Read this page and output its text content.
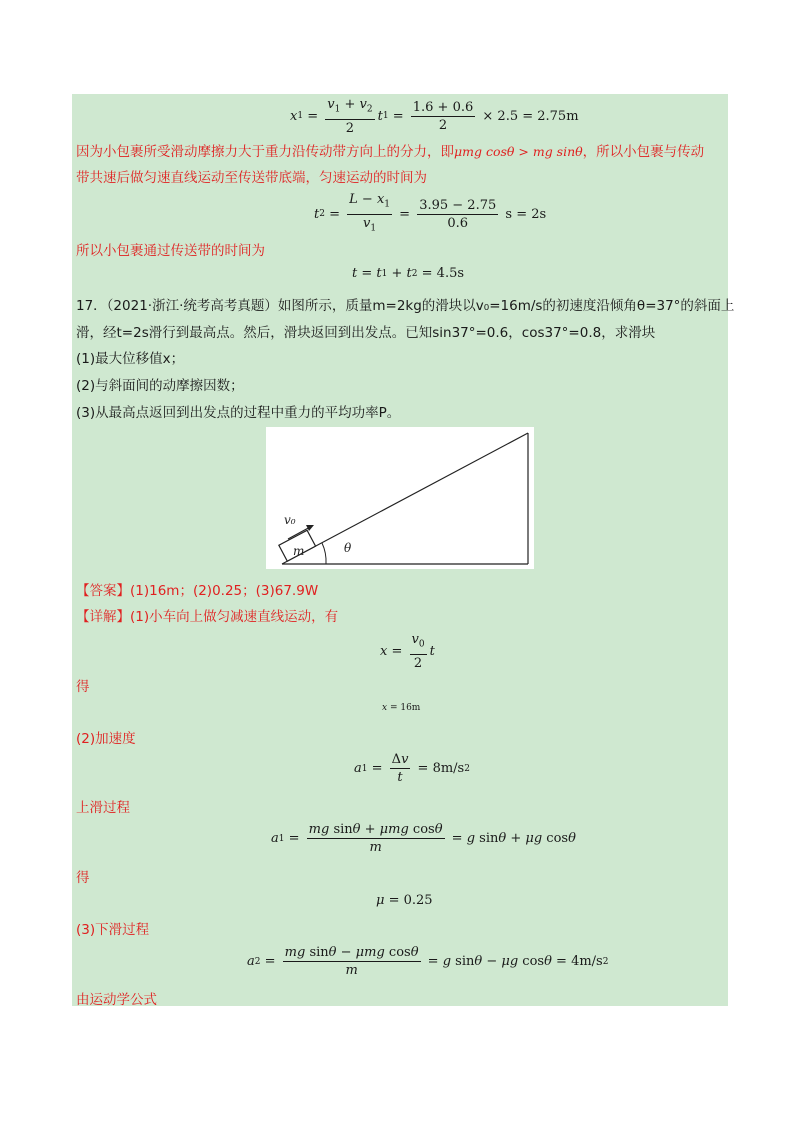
x $1 = \frac{v_1 + v_2}{2}$ t $1 = \frac{1.6 + 0.6}{2} \times 2.5 = 2.75m$
因为小包裹所受滑动摩擦力大于重力沿传动带方向上的分力，即μmg cosθ > mg sinθ，所以小包裹与传动
带共速后做匀速直线运动至传送带底端，匀速运动的时间为
t $2 = \frac{L - x_1}{v_1} = \frac{3.95 - 2.75}{0.6}$ s = 2s
所以小包裹通过传送带的时间为
t = t 1 + t 2 = 4.5s
17．（2021·浙江·统考高考真题）如图所示，质量m=2kg的滑块以v₀=16m/s的初速度沿倾角θ=37°的斜面上
滑，经t=2s滑行到最高点。然后，滑块返回到出发点。已知sin37°=0.6，cos37°=0.8，求滑块
(1)最大位移值x；
(2)与斜面间的动摩擦因数；
(3)从最高点返回到出发点的过程中重力的平均功率P。
v₀
m	θ
【答案】(1)16m；(2)0.25；(3)67.9W
【详解】(1)小车向上做匀减速直线运动，有
$x = \frac{v_0}{2}$ t
得
x = 16m
(2)加速度
a $1 = \frac{\Delta v}{t} = 8m/s$ 2
上滑过程
a $1 = \frac{\text{mg sinθ + μmg cosθ}}{m} = g$ sin θ + μg cos θ
得
μ = 0.25
(3)下滑过程
a $2 = \frac{\text{mg sinθ − μmg cosθ}}{m} = g$ sin θ − μg cos θ = 4m/s 2
由运动学公式
